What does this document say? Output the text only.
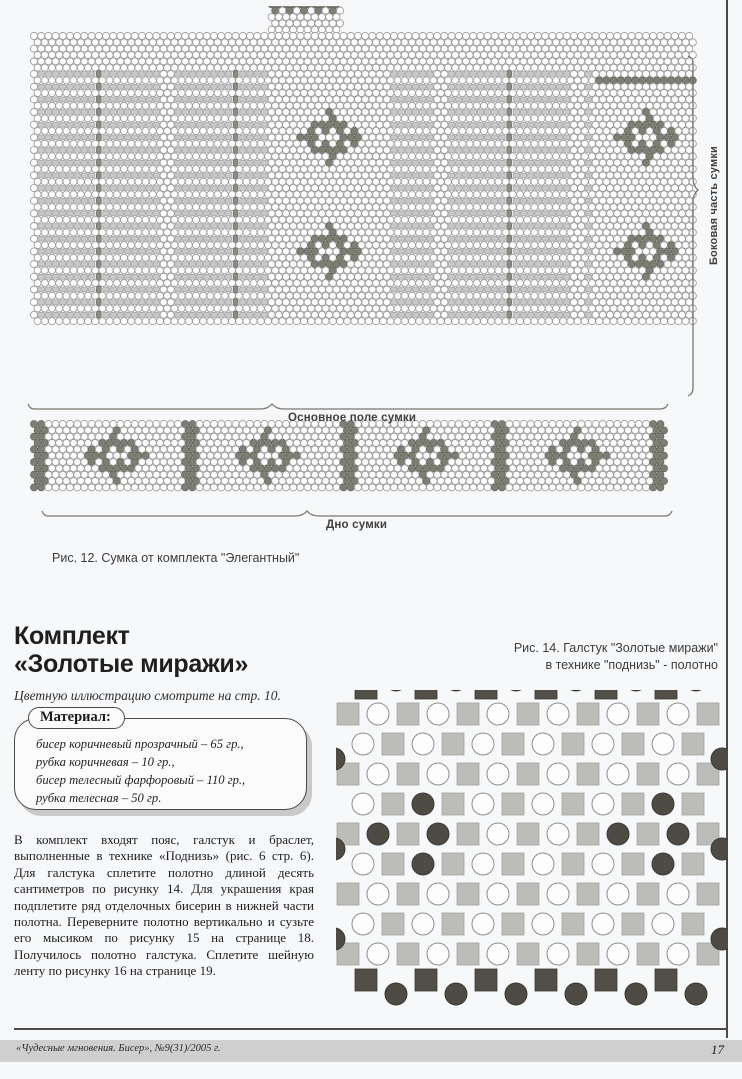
Основное поле сумки
Дно сумки
Боковая часть сумки
Рис. 12. Сумка от комплекта "Элегантный"
Комплект
«Золотые миражи»

Цветную иллюстрацию смотрите на стр. 10.

Материал:
бисер коричневый прозрачный – 65 гр.,
рубка коричневая – 10 гр.,
бисер телесный фарфоровый – 110 гр.,
рубка телесная – 50 гр.

В комплект входят пояс, галстук и браслет, выполненные в технике «Поднизь» (рис. 6 стр. 6). Для галстука сплетите полотно длиной десять сантиметров по рисунку 14. Для украшения края подплетите ряд отделочных бисерин в нижней части полотна. Переверните полотно вертикально и сузьте его мысиком по рисунку 15 на странице 18. Получилось полотно галстука. Сплетите шейную ленту по рисунку 16 на странице 19.

Рис. 14. Галстук "Золотые миражи"
в технике "поднизь" - полотно
«Чудесные мгновения. Бисер», №9(31)/2005 г.	17
